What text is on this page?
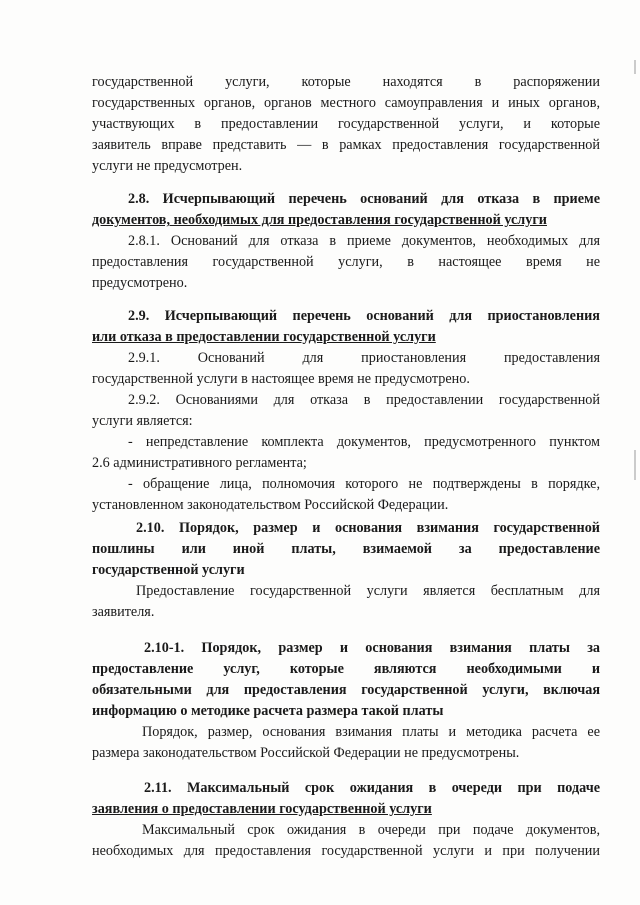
государственной услуги, которые находятся в распоряжении
государственных органов, органов местного самоуправления и иных органов,
участвующих в предоставлении государственной услуги, и которые
заявитель вправе представить — в рамках предоставления государственной
услуги не предусмотрен.
2.8. Исчерпывающий перечень оснований для отказа в приеме
документов, необходимых для предоставления государственной услуги
2.8.1. Оснований для отказа в приеме документов, необходимых для
предоставления государственной услуги, в настоящее время не
предусмотрено.
2.9. Исчерпывающий перечень оснований для приостановления
или отказа в предоставлении государственной услуги
2.9.1. Оснований для приостановления предоставления
государственной услуги в настоящее время не предусмотрено.
2.9.2. Основаниями для отказа в предоставлении государственной
услуги является:
- непредставление комплекта документов, предусмотренного пунктом
2.6 административного регламента;
- обращение лица, полномочия которого не подтверждены в порядке,
установленном законодательством Российской Федерации.
2.10. Порядок, размер и основания взимания государственной
пошлины или иной платы, взимаемой за предоставление
государственной услуги
Предоставление государственной услуги является бесплатным для
заявителя.
2.10-1. Порядок, размер и основания взимания платы за
предоставление услуг, которые являются необходимыми и
обязательными для предоставления государственной услуги, включая
информацию о методике расчета размера такой платы
Порядок, размер, основания взимания платы и методика расчета ее
размера законодательством Российской Федерации не предусмотрены.
2.11. Максимальный срок ожидания в очереди при подаче
заявления о предоставлении государственной услуги
Максимальный срок ожидания в очереди при подаче документов,
необходимых для предоставления государственной услуги и при получении
